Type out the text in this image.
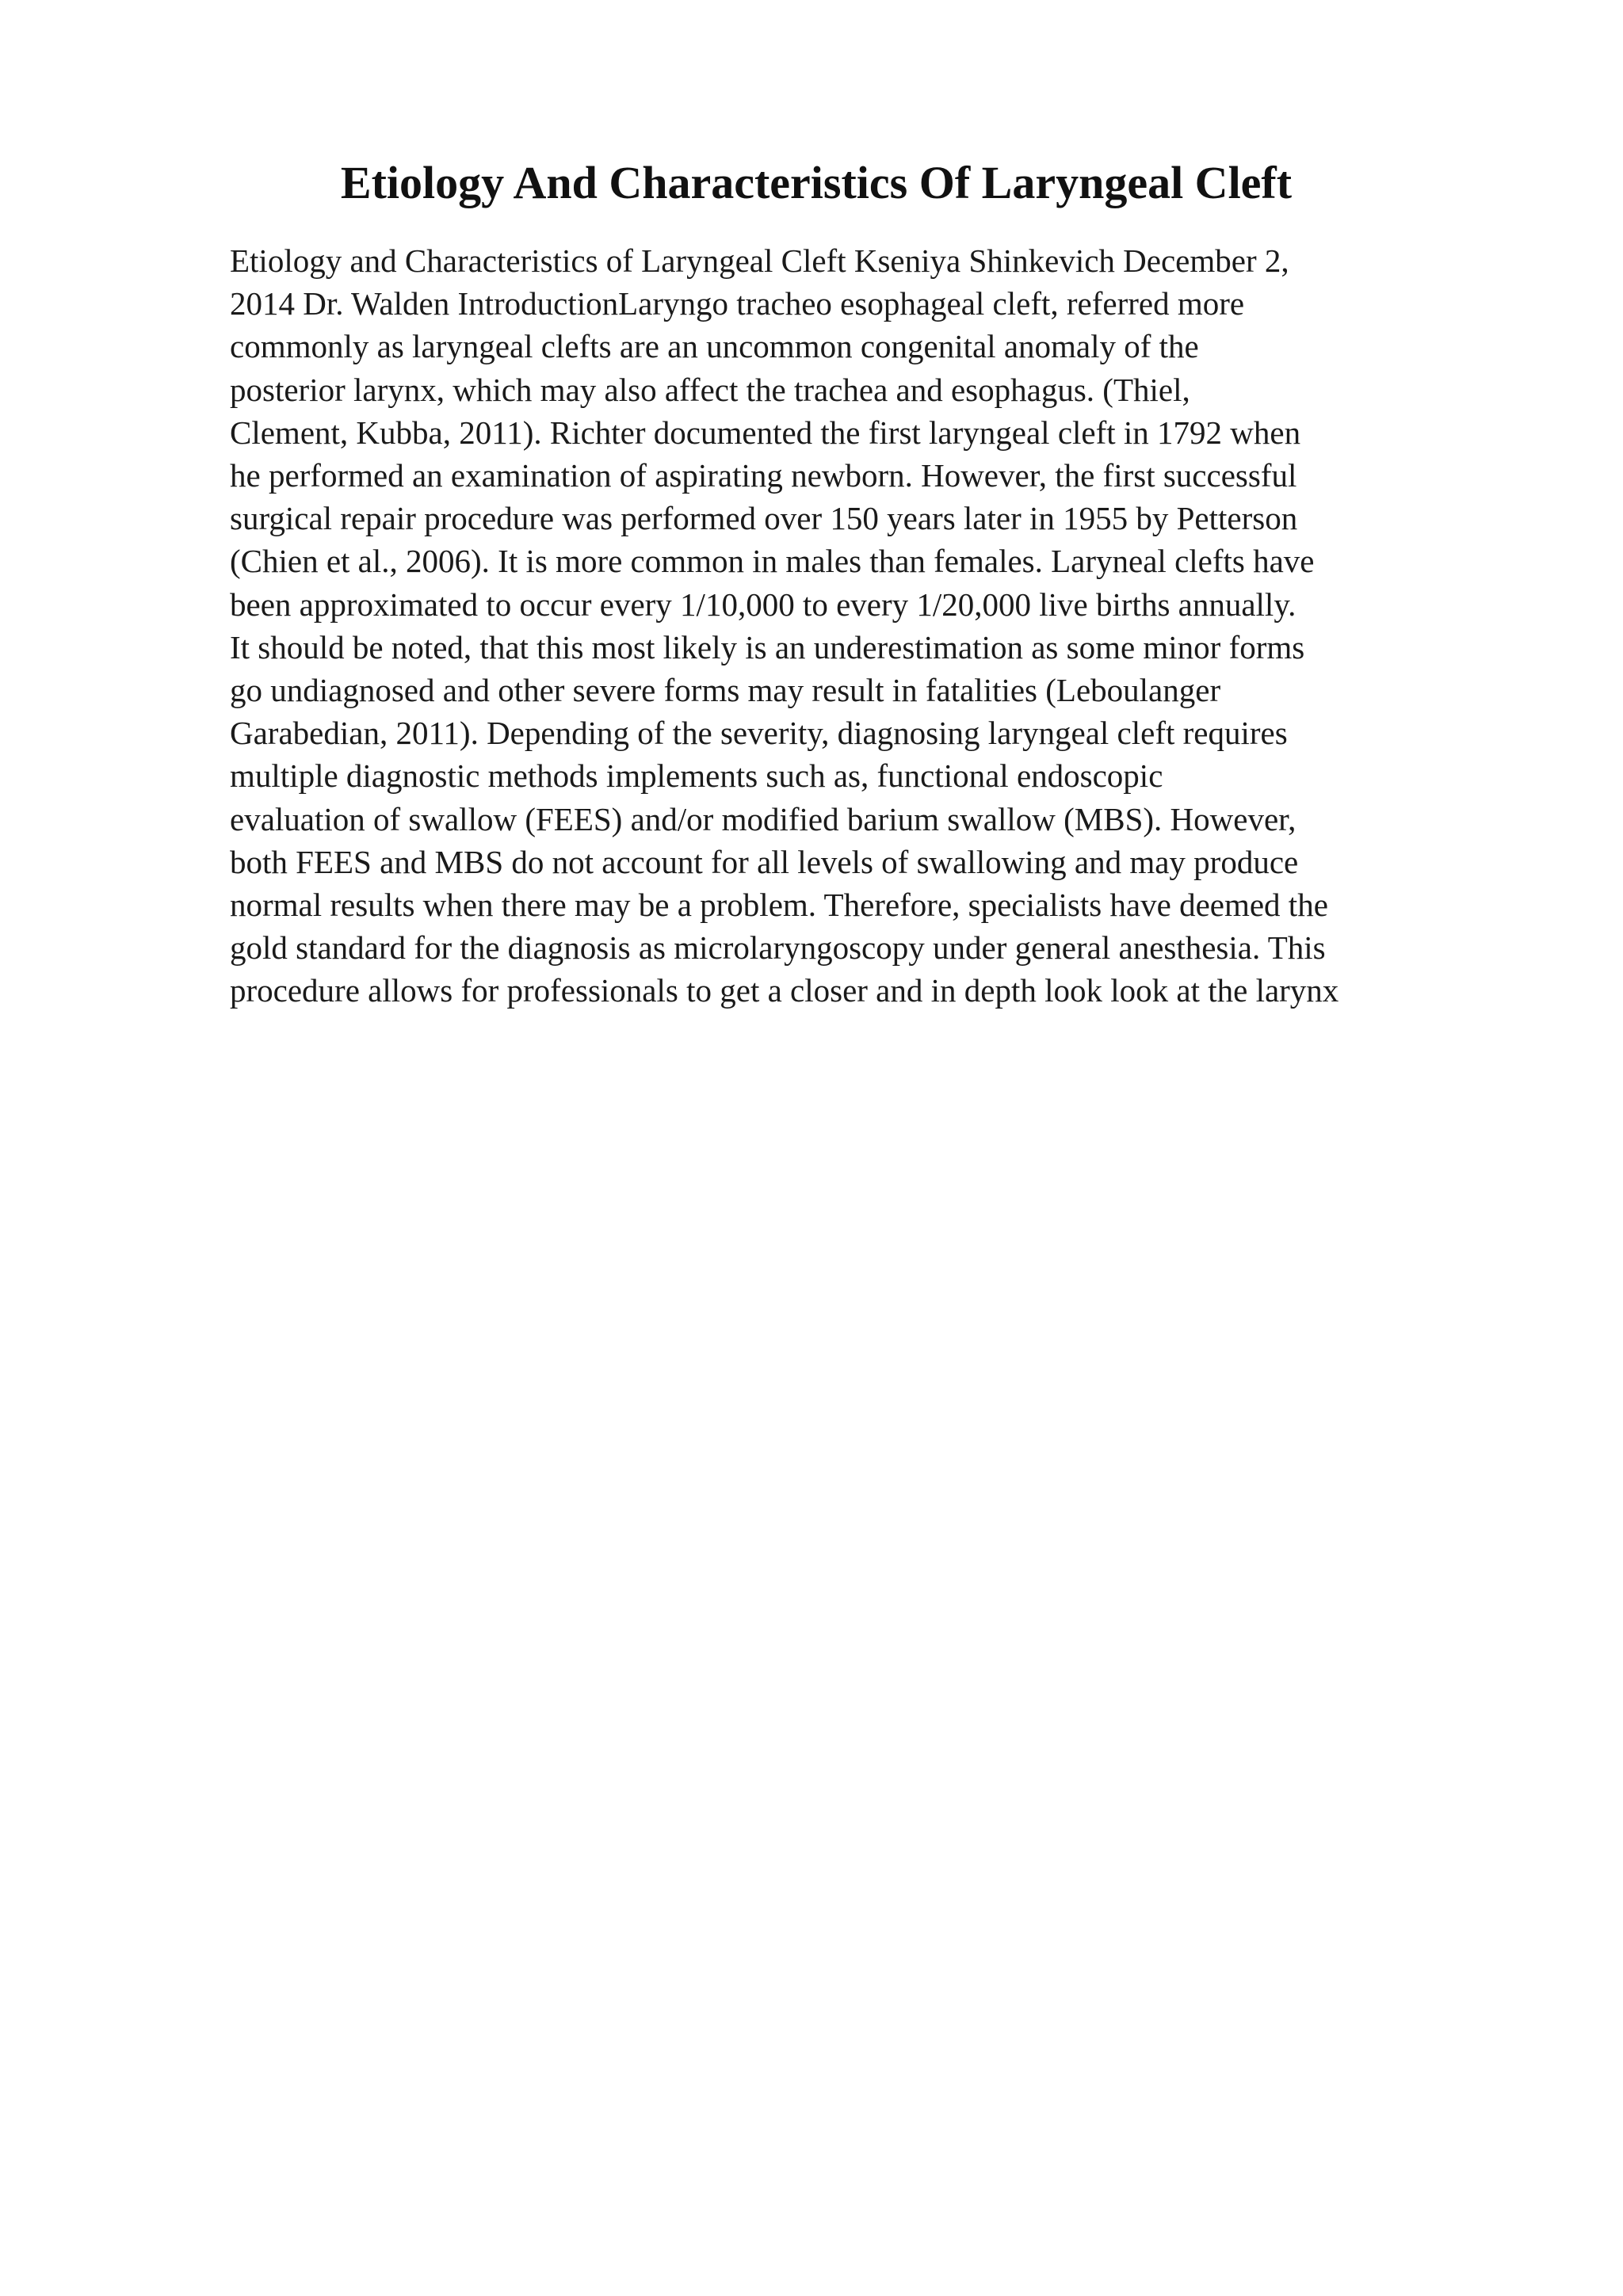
Etiology And Characteristics Of Laryngeal Cleft
Etiology and Characteristics of Laryngeal Cleft Kseniya Shinkevich December 2,
2014 Dr. Walden IntroductionLaryngo tracheo esophageal cleft, referred more
commonly as laryngeal clefts are an uncommon congenital anomaly of the
posterior larynx, which may also affect the trachea and esophagus. (Thiel,
Clement, Kubba, 2011). Richter documented the first laryngeal cleft in 1792 when
he performed an examination of aspirating newborn. However, the first successful
surgical repair procedure was performed over 150 years later in 1955 by Petterson
(Chien et al., 2006). It is more common in males than females. Laryneal clefts have
been approximated to occur every 1/10,000 to every 1/20,000 live births annually.
It should be noted, that this most likely is an underestimation as some minor forms
go undiagnosed and other severe forms may result in fatalities (Leboulanger
Garabedian, 2011). Depending of the severity, diagnosing laryngeal cleft requires
multiple diagnostic methods implements such as, functional endoscopic
evaluation of swallow (FEES) and/or modified barium swallow (MBS). However,
both FEES and MBS do not account for all levels of swallowing and may produce
normal results when there may be a problem. Therefore, specialists have deemed the
gold standard for the diagnosis as microlaryngoscopy under general anesthesia. This
procedure allows for professionals to get a closer and in depth look look at the larynx
